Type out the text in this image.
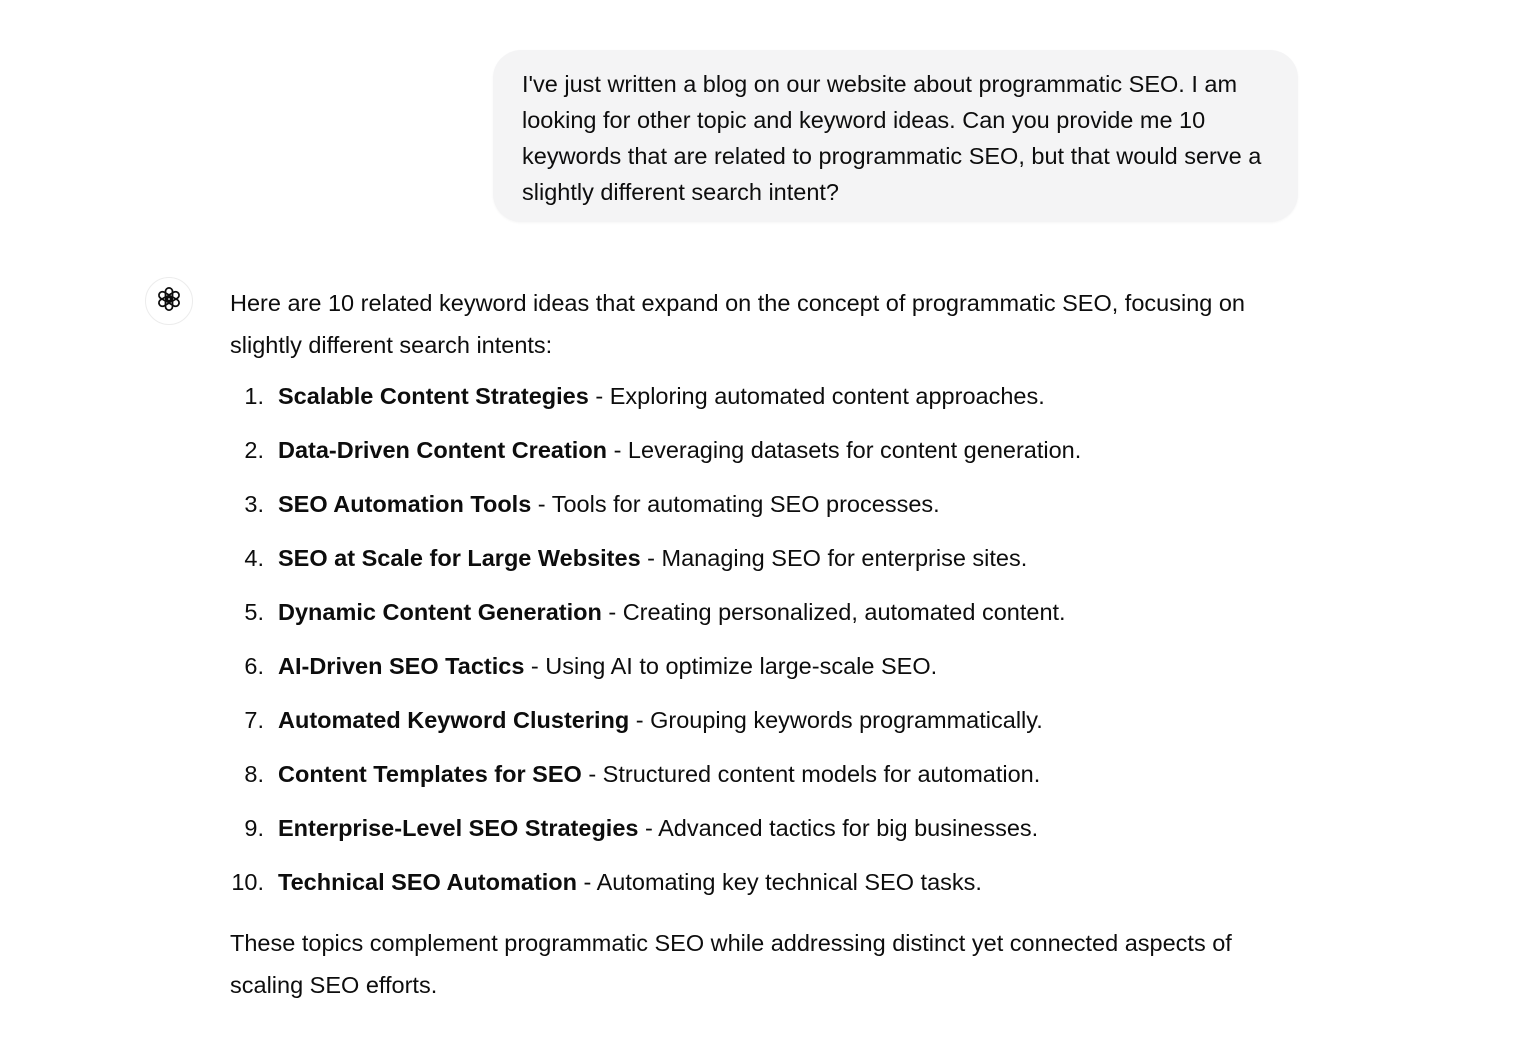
I've just written a blog on our website about programmatic SEO. I am looking for other topic and keyword ideas. Can you provide me 10 keywords that are related to programmatic SEO, but that would serve a slightly different search intent?

Here are 10 related keyword ideas that expand on the concept of programmatic SEO, focusing on slightly different search intents:

1. Scalable Content Strategies - Exploring automated content approaches.
2. Data-Driven Content Creation - Leveraging datasets for content generation.
3. SEO Automation Tools - Tools for automating SEO processes.
4. SEO at Scale for Large Websites - Managing SEO for enterprise sites.
5. Dynamic Content Generation - Creating personalized, automated content.
6. AI-Driven SEO Tactics - Using AI to optimize large-scale SEO.
7. Automated Keyword Clustering - Grouping keywords programmatically.
8. Content Templates for SEO - Structured content models for automation.
9. Enterprise-Level SEO Strategies - Advanced tactics for big businesses.
10. Technical SEO Automation - Automating key technical SEO tasks.

These topics complement programmatic SEO while addressing distinct yet connected aspects of scaling SEO efforts.
